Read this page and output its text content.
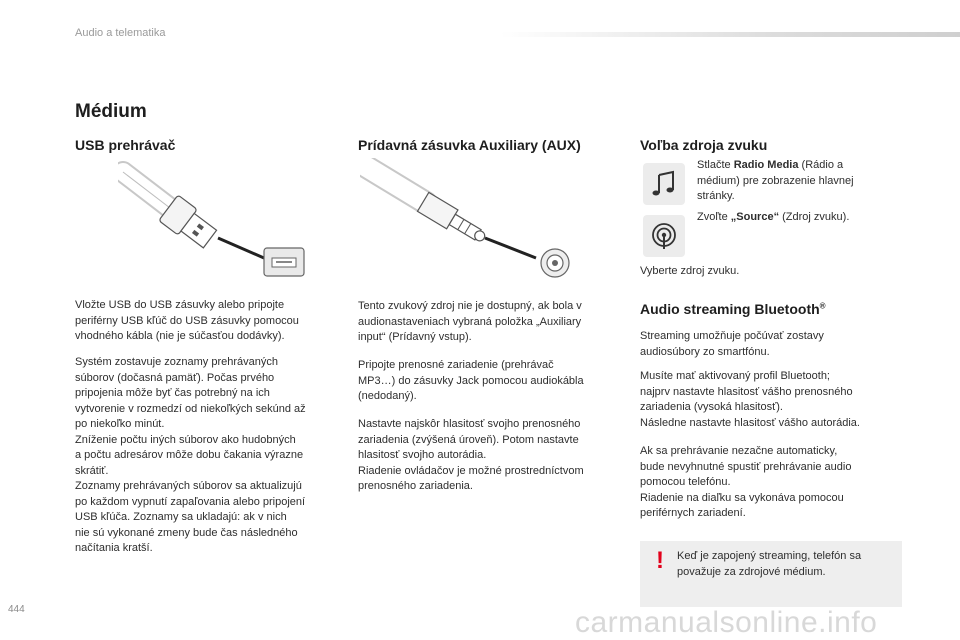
Audio a telematika
Médium
USB prehrávač
Vložte USB do USB zásuvky alebo pripojte
periférny USB kľúč do USB zásuvky pomocou
vhodného kábla (nie je súčasťou dodávky).
Systém zostavuje zoznamy prehrávaných
súborov (dočasná pamäť). Počas prvého
pripojenia môže byť čas potrebný na ich
vytvorenie v rozmedzí od niekoľkých sekúnd až
po niekoľko minút.
Zníženie počtu iných súborov ako hudobných
a počtu adresárov môže dobu čakania výrazne
skrátiť.
Zoznamy prehrávaných súborov sa aktualizujú
po každom vypnutí zapaľovania alebo pripojení
USB kľúča. Zoznamy sa ukladajú: ak v nich
nie sú vykonané zmeny bude čas následného
načítania kratší.
Prídavná zásuvka Auxiliary (AUX)
Tento zvukový zdroj nie je dostupný, ak bola v
audionastaveniach vybraná položka „Auxiliary
input“ (Prídavný vstup).
Pripojte prenosné zariadenie (prehrávač
MP3…) do zásuvky Jack pomocou audiokábla
(nedodaný).
Nastavte najskôr hlasitosť svojho prenosného
zariadenia (zvýšená úroveň). Potom nastavte
hlasitosť svojho autorádia.
Riadenie ovládačov je možné prostredníctvom
prenosného zariadenia.
Voľba zdroja zvuku
Stlačte Radio Media (Rádio a
médium) pre zobrazenie hlavnej
stránky.
Zvoľte „Source“ (Zdroj zvuku).
Vyberte zdroj zvuku.
Audio streaming Bluetooth®
Streaming umožňuje počúvať zostavy
audiosúbory zo smartfónu.
Musíte mať aktivovaný profil Bluetooth;
najprv nastavte hlasitosť vášho prenosného
zariadenia (vysoká hlasitosť).
Následne nastavte hlasitosť vášho autorádia.
Ak sa prehrávanie nezačne automaticky,
bude nevyhnutné spustiť prehrávanie audio
pomocou telefónu.
Riadenie na diaľku sa vykonáva pomocou
periférnych zariadení.
! Keď je zapojený streaming, telefón sa
považuje za zdrojové médium.
444	carmanualsonline.info
